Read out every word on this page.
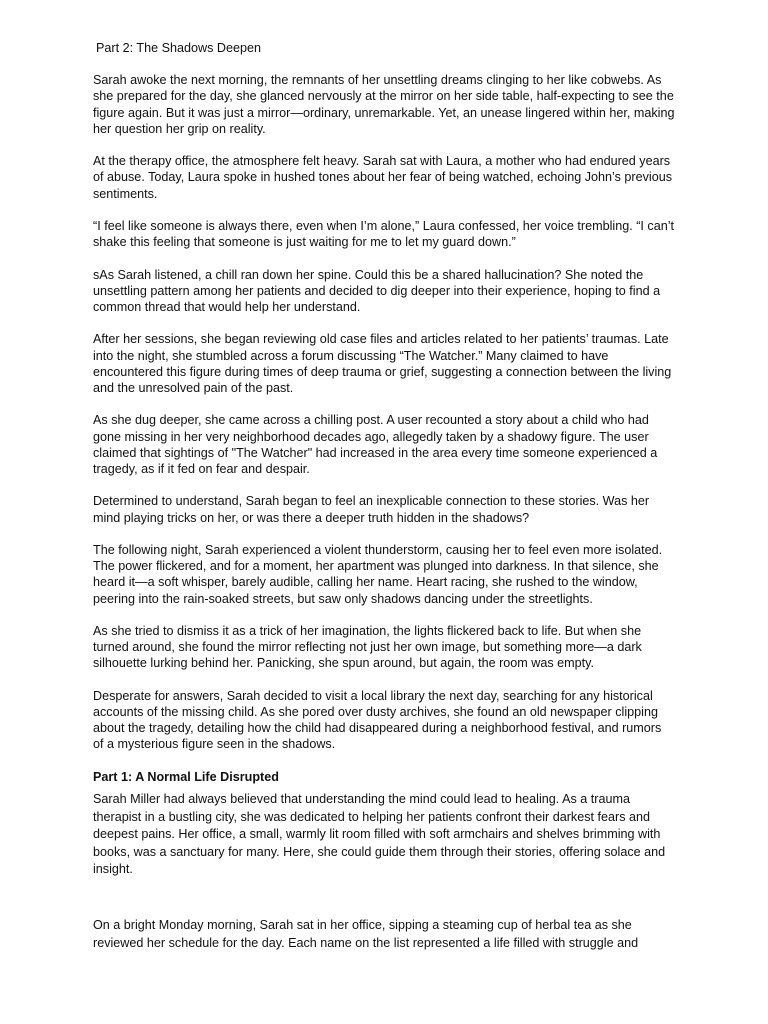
Part 2: The Shadows Deepen

Sarah awoke the next morning, the remnants of her unsettling dreams clinging to her like cobwebs. As she prepared for the day, she glanced nervously at the mirror on her side table, half-expecting to see the figure again. But it was just a mirror—ordinary, unremarkable. Yet, an unease lingered within her, making her question her grip on reality.

At the therapy office, the atmosphere felt heavy. Sarah sat with Laura, a mother who had endured years of abuse. Today, Laura spoke in hushed tones about her fear of being watched, echoing John’s previous sentiments.

“I feel like someone is always there, even when I’m alone,” Laura confessed, her voice trembling. “I can’t shake this feeling that someone is just waiting for me to let my guard down.”

sAs Sarah listened, a chill ran down her spine. Could this be a shared hallucination? She noted the unsettling pattern among her patients and decided to dig deeper into their experience, hoping to find a common thread that would help her understand.

After her sessions, she began reviewing old case files and articles related to her patients’ traumas. Late into the night, she stumbled across a forum discussing “The Watcher.” Many claimed to have encountered this figure during times of deep trauma or grief, suggesting a connection between the living and the unresolved pain of the past.

As she dug deeper, she came across a chilling post. A user recounted a story about a child who had gone missing in her very neighborhood decades ago, allegedly taken by a shadowy figure. The user claimed that sightings of "The Watcher" had increased in the area every time someone experienced a tragedy, as if it fed on fear and despair.

Determined to understand, Sarah began to feel an inexplicable connection to these stories. Was her mind playing tricks on her, or was there a deeper truth hidden in the shadows?

The following night, Sarah experienced a violent thunderstorm, causing her to feel even more isolated. The power flickered, and for a moment, her apartment was plunged into darkness. In that silence, she heard it—a soft whisper, barely audible, calling her name. Heart racing, she rushed to the window, peering into the rain-soaked streets, but saw only shadows dancing under the streetlights.

As she tried to dismiss it as a trick of her imagination, the lights flickered back to life. But when she turned around, she found the mirror reflecting not just her own image, but something more—a dark silhouette lurking behind her. Panicking, she spun around, but again, the room was empty.

Desperate for answers, Sarah decided to visit a local library the next day, searching for any historical accounts of the missing child. As she pored over dusty archives, she found an old newspaper clipping about the tragedy, detailing how the child had disappeared during a neighborhood festival, and rumors of a mysterious figure seen in the shadows.

Part 1: A Normal Life Disrupted

Sarah Miller had always believed that understanding the mind could lead to healing. As a trauma therapist in a bustling city, she was dedicated to helping her patients confront their darkest fears and deepest pains. Her office, a small, warmly lit room filled with soft armchairs and shelves brimming with books, was a sanctuary for many. Here, she could guide them through their stories, offering solace and insight.

On a bright Monday morning, Sarah sat in her office, sipping a steaming cup of herbal tea as she reviewed her schedule for the day. Each name on the list represented a life filled with struggle and
